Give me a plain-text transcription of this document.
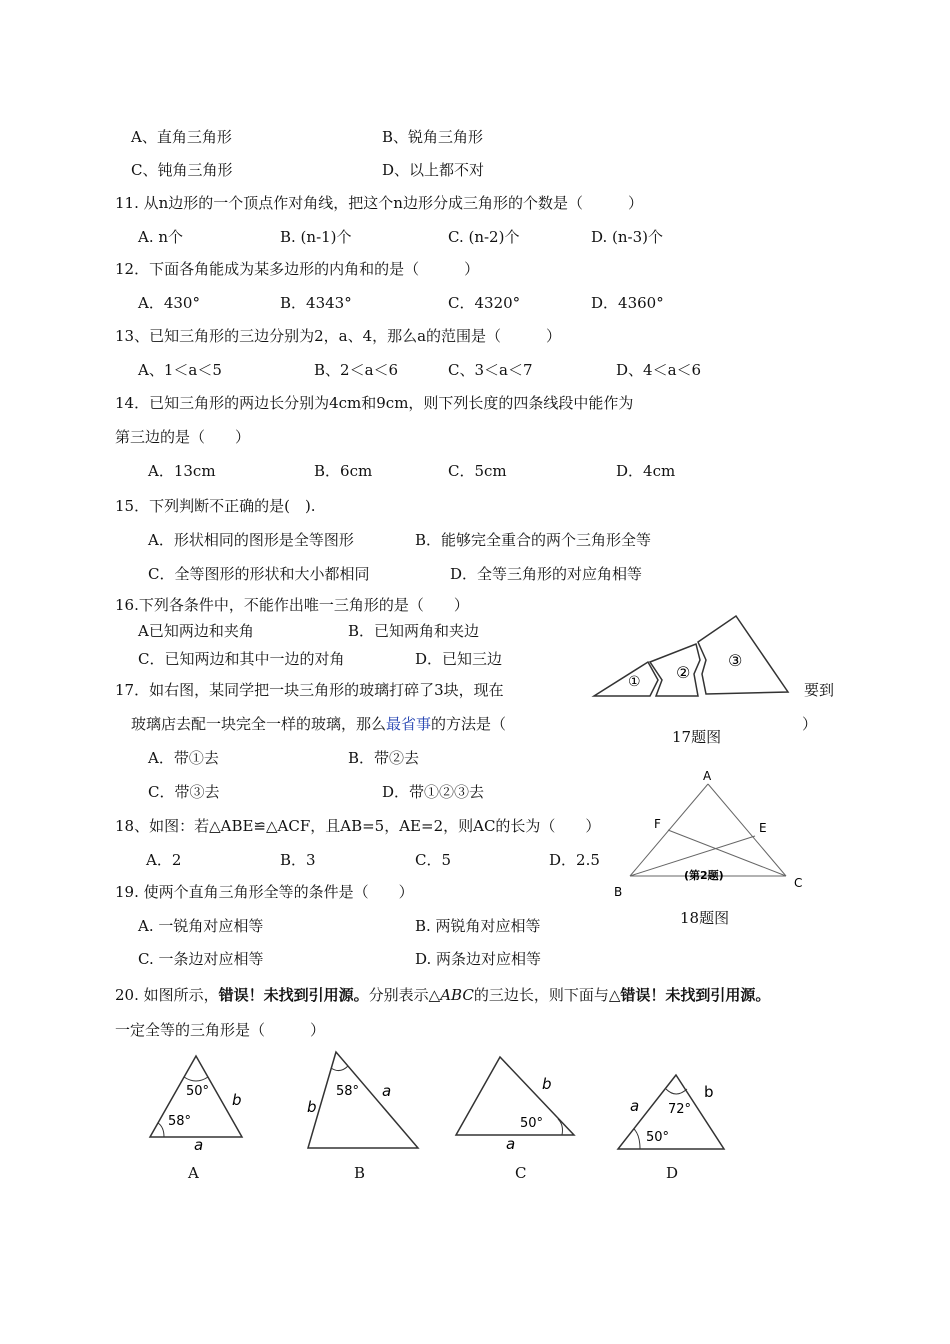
A、直角三角形	B、锐角三角形
C、钝角三角形	D、以上都不对
11. 从n边形的一个顶点作对角线，把这个n边形分成三角形的个数是（　　　）
A. n个	B. (n-1)个	C. (n-2)个	D. (n-3)个
12．下面各角能成为某多边形的内角和的是（　　　）
A．430°	B．4343°	C．4320°	D．4360°
13、已知三角形的三边分别为2，a、4，那么a的范围是（　　　）
A、1＜a＜5	B、2＜a＜6	C、3＜a＜7	D、4＜a＜6
14．已知三角形的两边长分别为4cm和9cm，则下列长度的四条线段中能作为
第三边的是（　　）
A．13cm	B．6cm	C．5cm	D．4cm
15．下列判断不正确的是(　).
A．形状相同的图形是全等图形	B．能够完全重合的两个三角形全等
C．全等图形的形状和大小都相同	D．全等三角形的对应角相等
16.下列各条件中，不能作出唯一三角形的是（　　）
A已知两边和夹角	B．已知两角和夹边
C．已知两边和其中一边的对角	D．已知三边
17．如右图，某同学把一块三角形的玻璃打碎了3块，现在	要到
玻璃店去配一块完全一样的玻璃，那么最省事的方法是（	）
① ②
③
17题图
A．带①去	B．带②去
C．带③去	D．带①②③去
A
F	E
B
C
(第2题)
18、如图：若△ABE≌△ACF，且AB=5，AE=2，则AC的长为（　　）
A．2	B．3	C．5	D．2.5
18题图
19. 使两个直角三角形全等的条件是（　　）
A. 一锐角对应相等	B. 两锐角对应相等
C. 一条边对应相等	D. 两条边对应相等
20. 如图所示，错误！未找到引用源。分别表示△ABC的三边长，则下面与△错误！未找到引用源。
一定全等的三角形是（　　　）
50°
58°
b
a
A
58°
b
a
B
50°
b
a
C
72°
50°
a
b
D
